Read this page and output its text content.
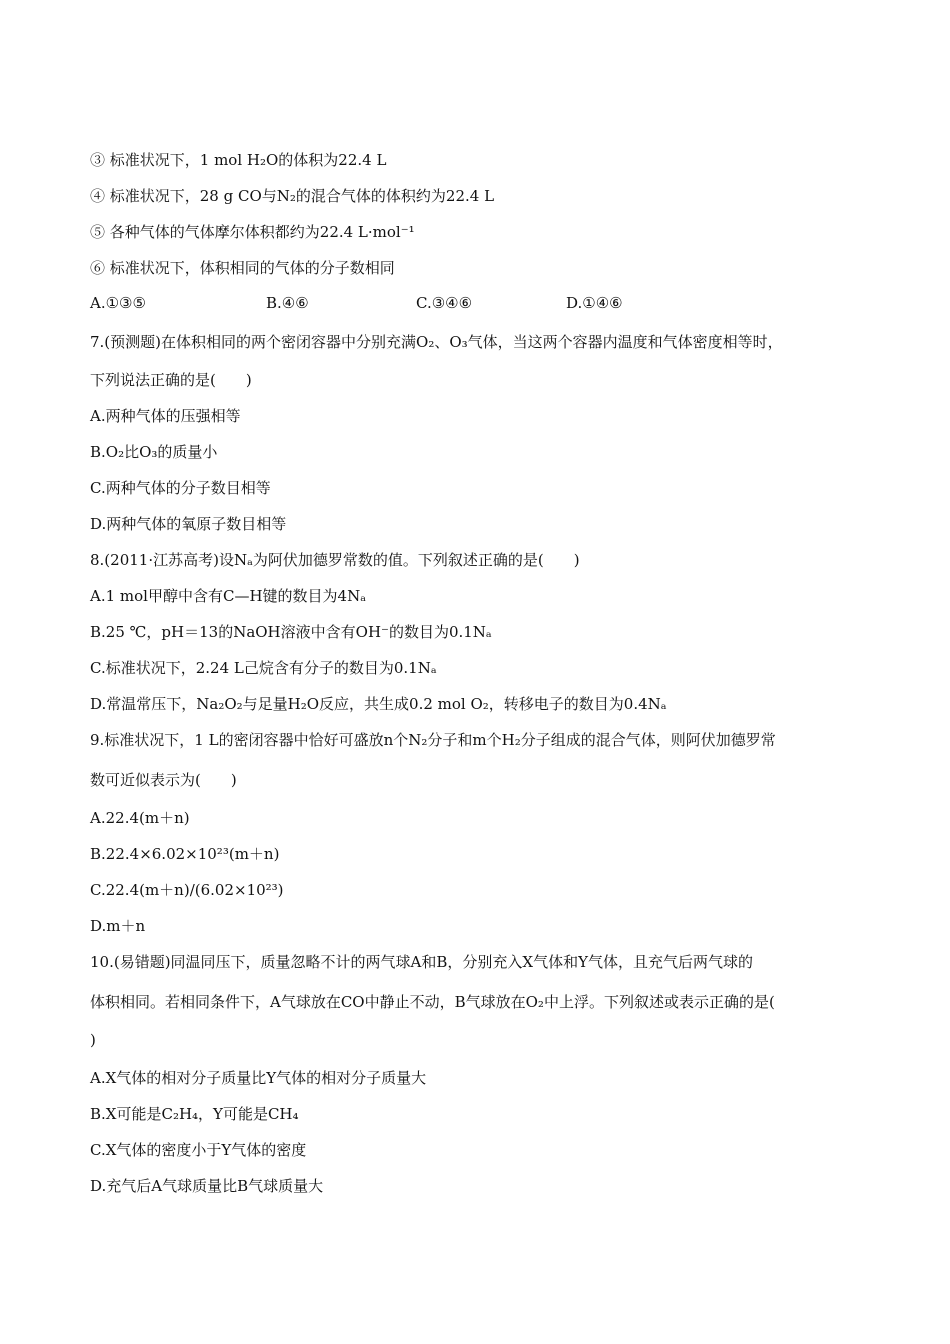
③ 标准状况下，1 mol H₂O的体积为22.4 L
④ 标准状况下，28 g CO与N₂的混合气体的体积约为22.4 L
⑤ 各种气体的气体摩尔体积都约为22.4 L·mol⁻¹
⑥ 标准状况下，体积相同的气体的分子数相同
A.①③⑤	B.④⑥	C.③④⑥	D.①④⑥
7.(预测题)在体积相同的两个密闭容器中分别充满O₂、O₃气体，当这两个容器内温度和气体密度相等时，
下列说法正确的是(　　)
A.两种气体的压强相等
B.O₂比O₃的质量小
C.两种气体的分子数目相等
D.两种气体的氧原子数目相等
8.(2011·江苏高考)设Nₐ为阿伏加德罗常数的值。下列叙述正确的是(　　)
A.1 mol甲醇中含有C—H键的数目为4Nₐ
B.25 ℃，pH＝13的NaOH溶液中含有OH⁻的数目为0.1Nₐ
C.标准状况下，2.24 L己烷含有分子的数目为0.1Nₐ
D.常温常压下，Na₂O₂与足量H₂O反应，共生成0.2 mol O₂，转移电子的数目为0.4Nₐ
9.标准状况下，1 L的密闭容器中恰好可盛放n个N₂分子和m个H₂分子组成的混合气体，则阿伏加德罗常
数可近似表示为(　　)
A.22.4(m＋n)
B.22.4×6.02×10²³(m＋n)
C.22.4(m＋n)/(6.02×10²³)
D.m＋n
10.(易错题)同温同压下，质量忽略不计的两气球A和B，分别充入X气体和Y气体，且充气后两气球的
体积相同。若相同条件下，A气球放在CO中静止不动，B气球放在O₂中上浮。下列叙述或表示正确的是(
)
A.X气体的相对分子质量比Y气体的相对分子质量大
B.X可能是C₂H₄，Y可能是CH₄
C.X气体的密度小于Y气体的密度
D.充气后A气球质量比B气球质量大
